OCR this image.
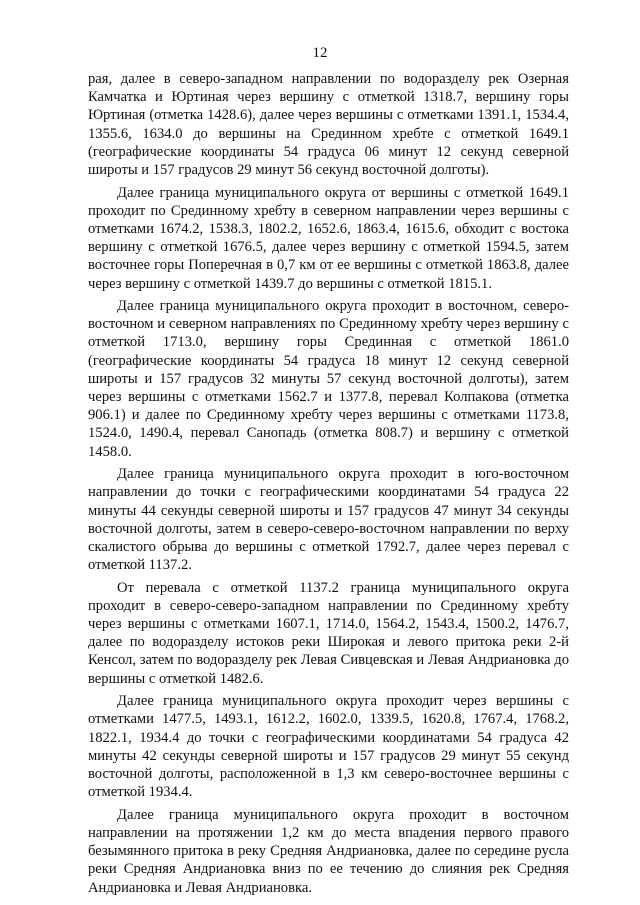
12

рая, далее в северо-западном направлении по водоразделу рек Озерная Камчатка и Юртиная через вершину с отметкой 1318.7, вершину горы Юртиная (отметка 1428.6), далее через вершины с отметками 1391.1, 1534.4, 1355.6, 1634.0 до вершины на Срединном хребте с отметкой 1649.1 (географические координаты 54 градуса 06 минут 12 секунд северной широты и 157 градусов 29 минут 56 секунд восточной долготы).

Далее граница муниципального округа от вершины с отметкой 1649.1 проходит по Срединному хребту в северном направлении через вершины с отметками 1674.2, 1538.3, 1802.2, 1652.6, 1863.4, 1615.6, обходит с востока вершину с отметкой 1676.5, далее через вершину с отметкой 1594.5, затем восточнее горы Поперечная в 0,7 км от ее вершины с отметкой 1863.8, далее через вершину с отметкой 1439.7 до вершины с отметкой 1815.1.

Далее граница муниципального округа проходит в восточном, северо-восточном и северном направлениях по Срединному хребту через вершину с отметкой 1713.0, вершину горы Срединная с отметкой 1861.0 (географические координаты 54 градуса 18 минут 12 секунд северной широты и 157 градусов 32 минуты 57 секунд восточной долготы), затем через вершины с отметками 1562.7 и 1377.8, перевал Колпакова (отметка 906.1) и далее по Срединному хребту через вершины с отметками 1173.8, 1524.0, 1490.4, перевал Санопадь (отметка 808.7) и вершину с отметкой 1458.0.

Далее граница муниципального округа проходит в юго-восточном направлении до точки с географическими координатами 54 градуса 22 минуты 44 секунды северной широты и 157 градусов 47 минут 34 секунды восточной долготы, затем в северо-северо-восточном направлении по верху скалистого обрыва до вершины с отметкой 1792.7, далее через перевал с отметкой 1137.2.

От перевала с отметкой 1137.2 граница муниципального округа проходит в северо-северо-западном направлении по Срединному хребту через вершины с отметками 1607.1, 1714.0, 1564.2, 1543.4, 1500.2, 1476.7, далее по водоразделу истоков реки Широкая и левого притока реки 2-й Кенсол, затем по водоразделу рек Левая Сивцевская и Левая Андриановка до вершины с отметкой 1482.6.

Далее граница муниципального округа проходит через вершины с отметками 1477.5, 1493.1, 1612.2, 1602.0, 1339.5, 1620.8, 1767.4, 1768.2, 1822.1, 1934.4 до точки с географическими координатами 54 градуса 42 минуты 42 секунды северной широты и 157 градусов 29 минут 55 секунд восточной долготы, расположенной в 1,3 км северо-восточнее вершины с отметкой 1934.4.

Далее граница муниципального округа проходит в восточном направлении на протяжении 1,2 км до места впадения первого правого безымянного притока в реку Средняя Андриановка, далее по середине русла реки Средняя Андриановка вниз по ее течению до слияния рек Средняя Андриановка и Левая Андриановка.
